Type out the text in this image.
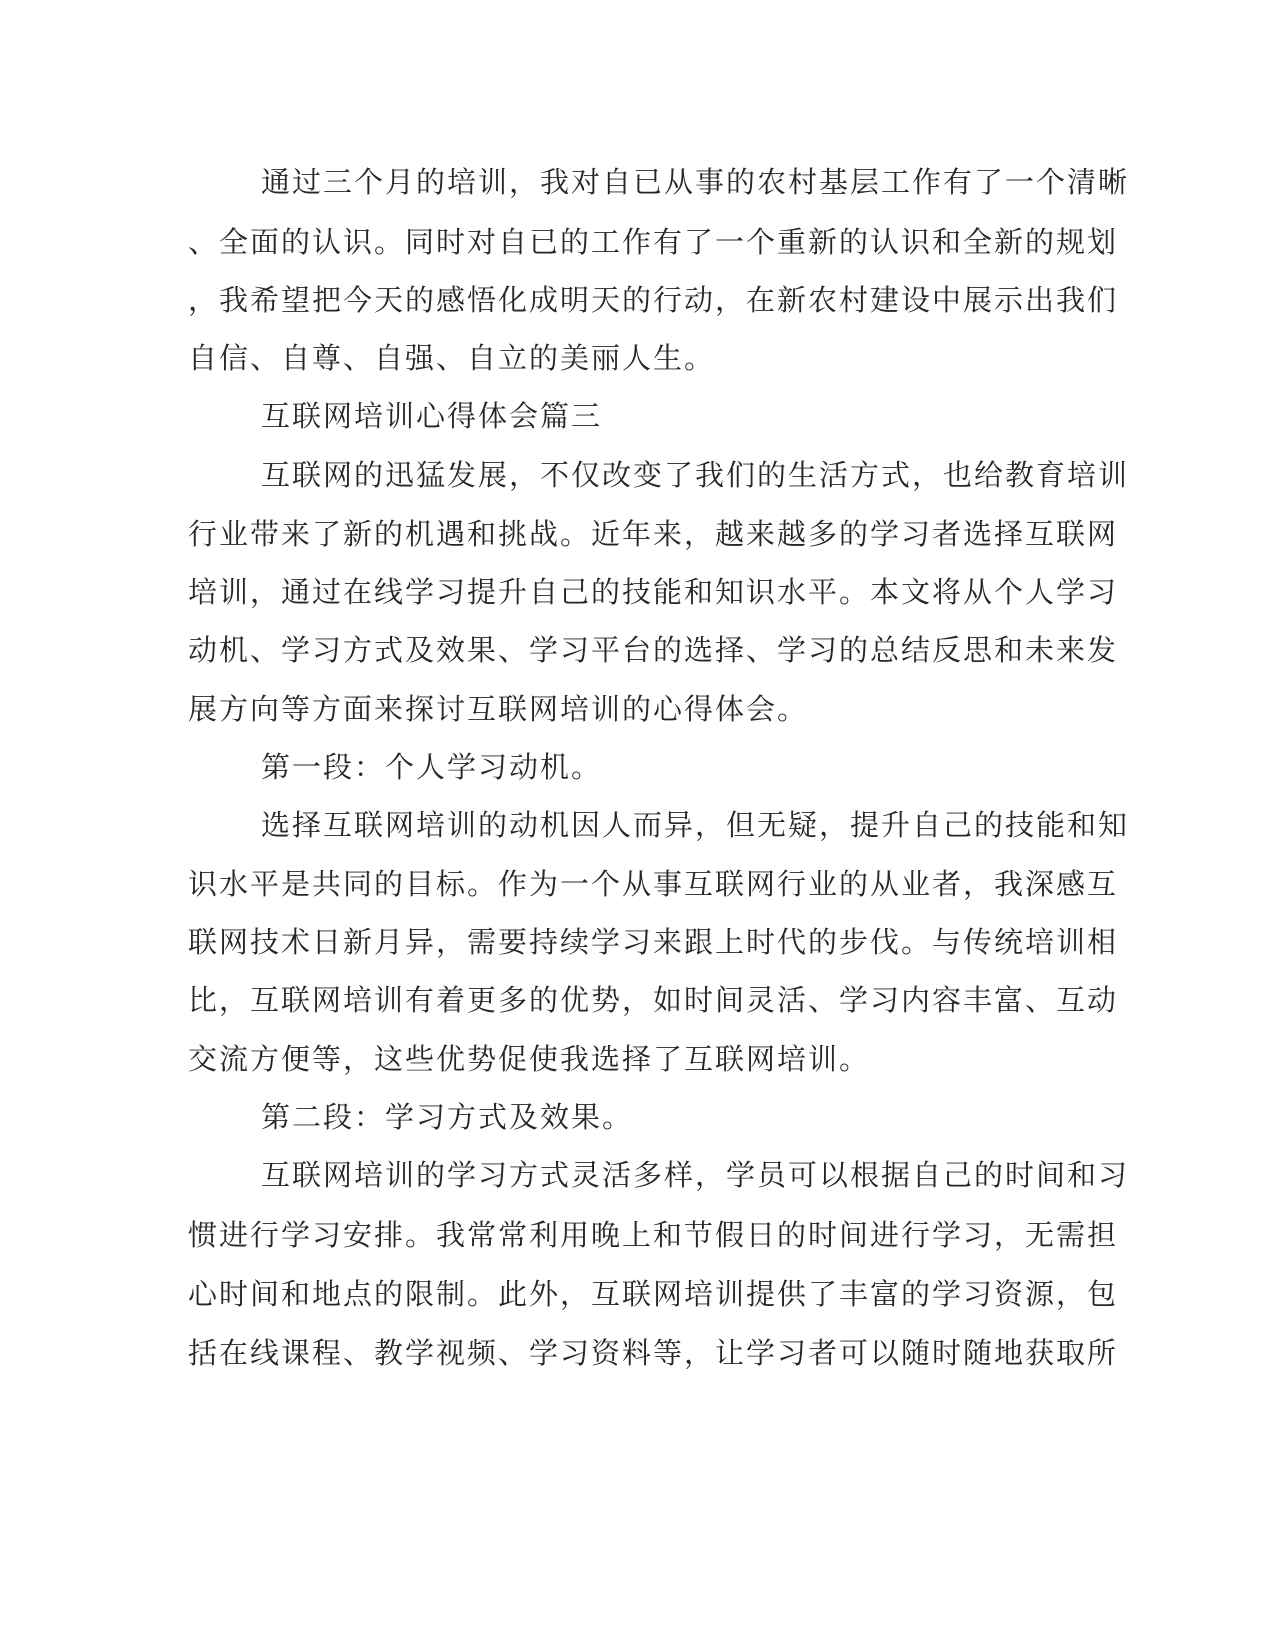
通过三个月的培训，我对自已从事的农村基层工作有了一个清晰
、全面的认识。同时对自已的工作有了一个重新的认识和全新的规划
，我希望把今天的感悟化成明天的行动，在新农村建设中展示出我们
自信、自尊、自强、自立的美丽人生。
互联网培训心得体会篇三
互联网的迅猛发展，不仅改变了我们的生活方式，也给教育培训
行业带来了新的机遇和挑战。近年来，越来越多的学习者选择互联网
培训，通过在线学习提升自己的技能和知识水平。本文将从个人学习
动机、学习方式及效果、学习平台的选择、学习的总结反思和未来发
展方向等方面来探讨互联网培训的心得体会。
第一段：个人学习动机。
选择互联网培训的动机因人而异，但无疑，提升自己的技能和知
识水平是共同的目标。作为一个从事互联网行业的从业者，我深感互
联网技术日新月异，需要持续学习来跟上时代的步伐。与传统培训相
比，互联网培训有着更多的优势，如时间灵活、学习内容丰富、互动
交流方便等，这些优势促使我选择了互联网培训。
第二段：学习方式及效果。
互联网培训的学习方式灵活多样，学员可以根据自己的时间和习
惯进行学习安排。我常常利用晚上和节假日的时间进行学习，无需担
心时间和地点的限制。此外，互联网培训提供了丰富的学习资源，包
括在线课程、教学视频、学习资料等，让学习者可以随时随地获取所
